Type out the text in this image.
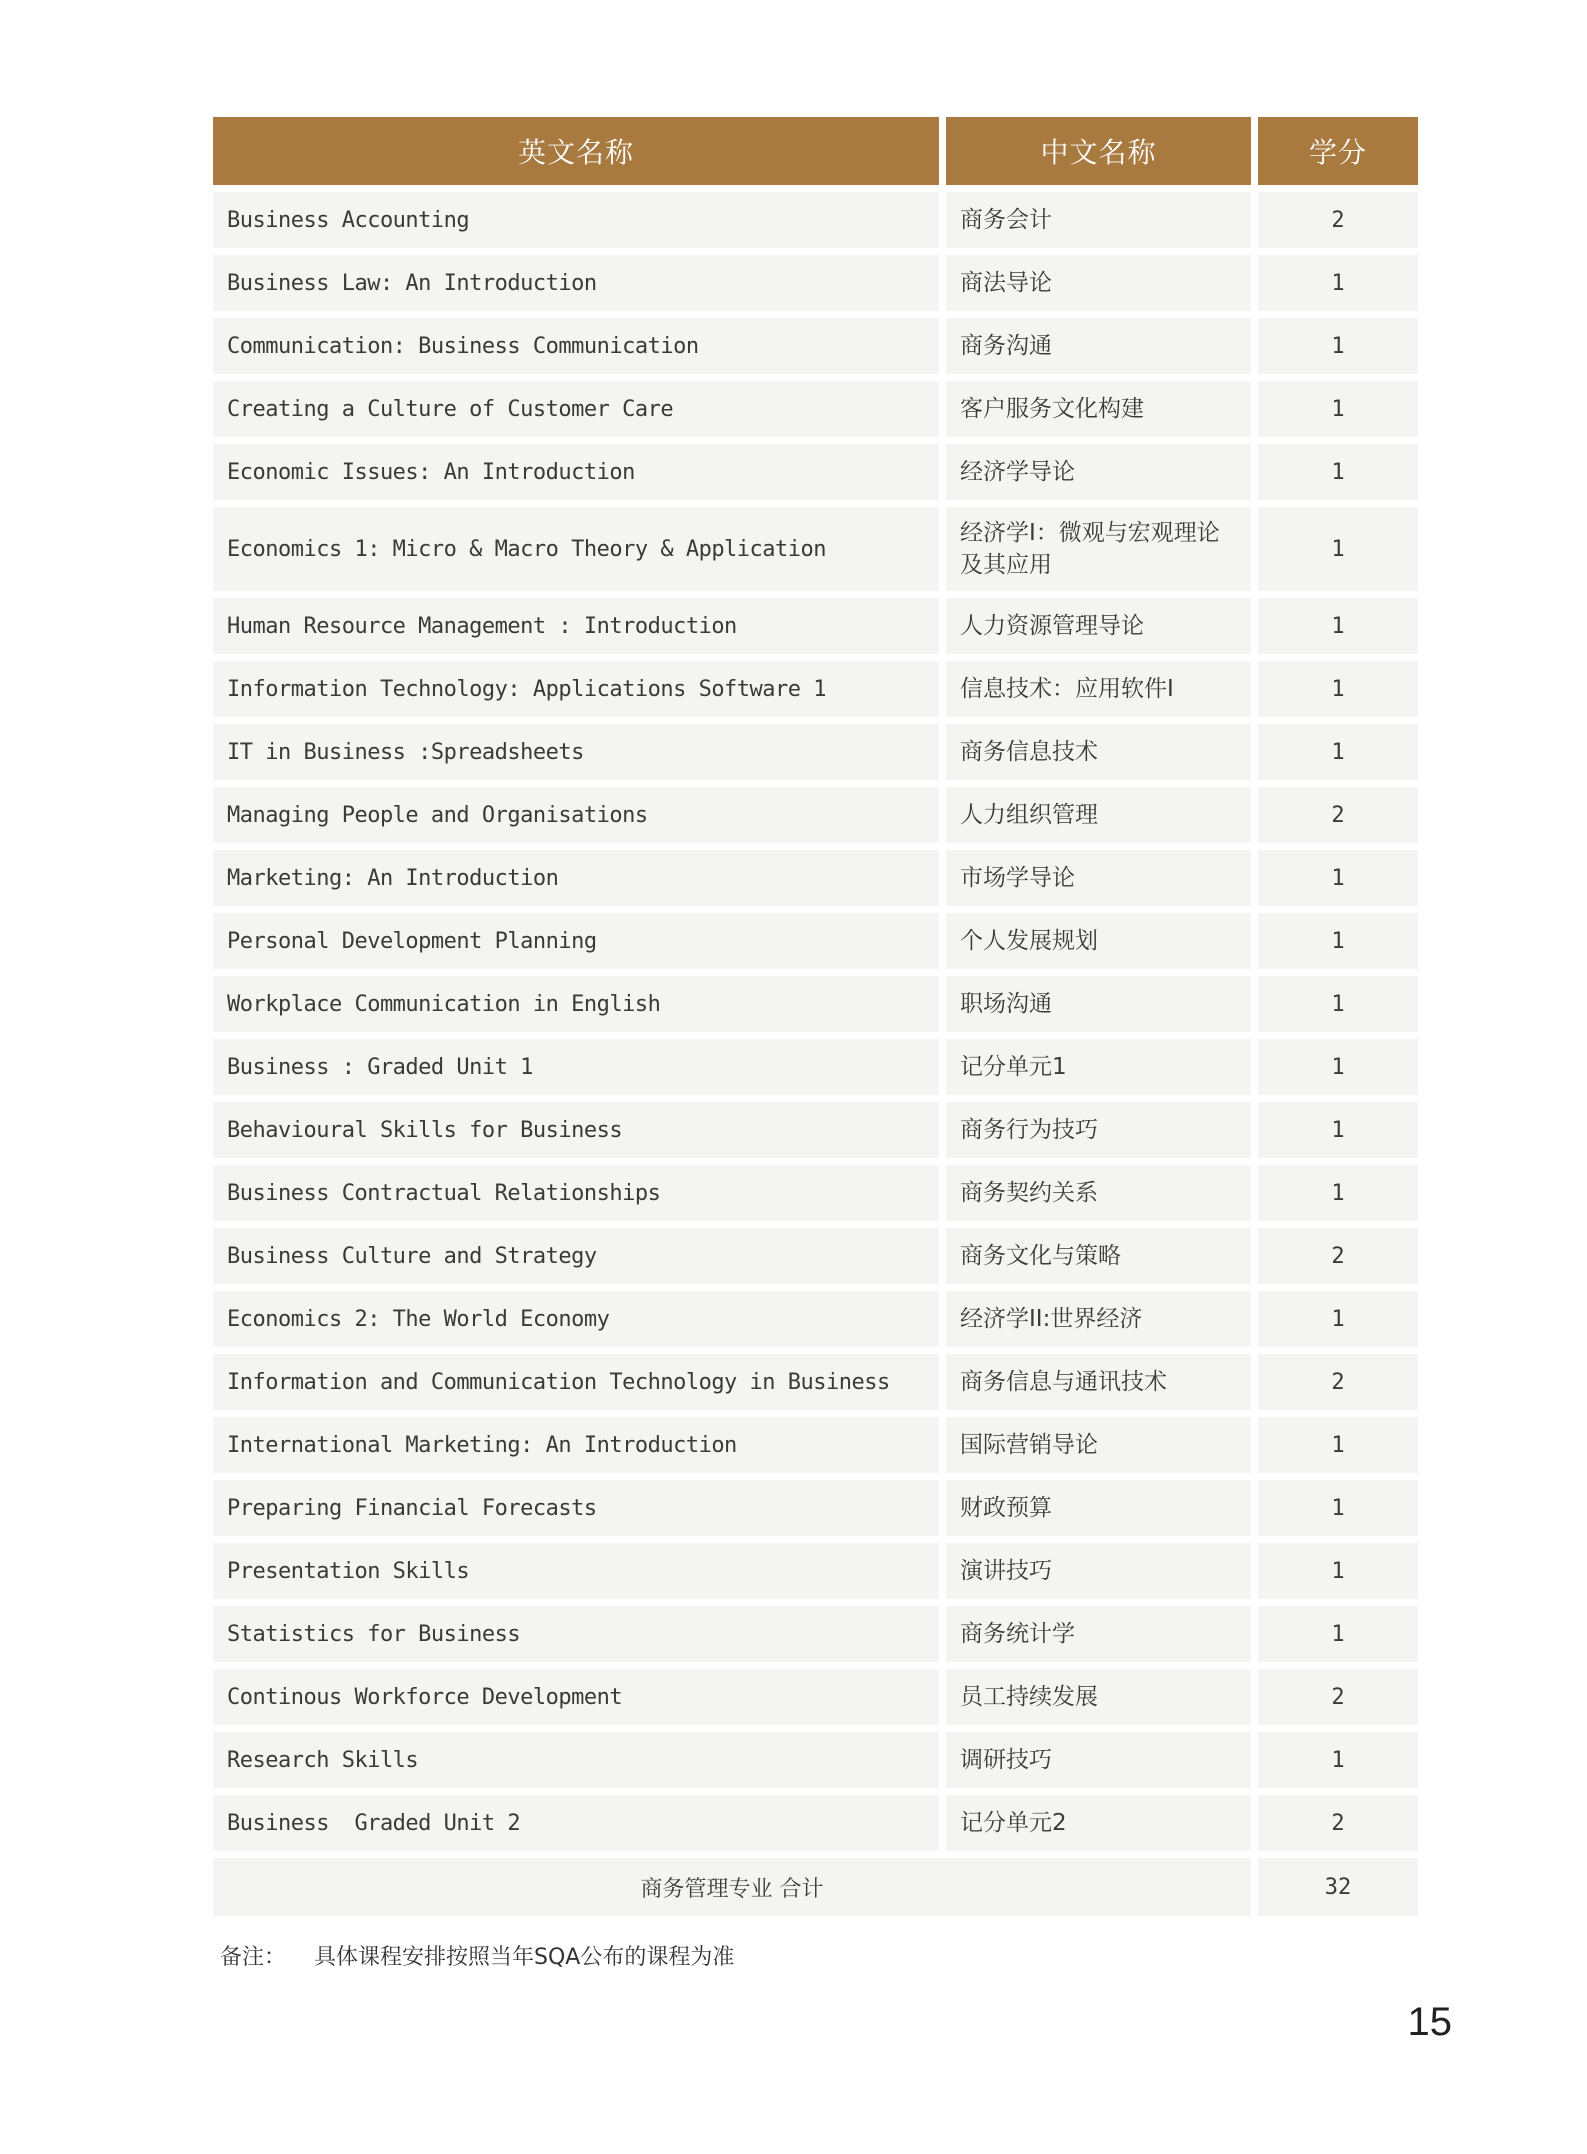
英文名称	中文名称	学分
Business Accounting	商务会计	2
Business Law: An Introduction	商法导论	1
Communication: Business Communication	商务沟通	1
Creating a Culture of Customer Care	客户服务文化构建	1
Economic Issues: An Introduction	经济学导论	1
Economics 1: Micro & Macro Theory & Application	经济学I：微观与宏观理论及其应用	1
Human Resource Management : Introduction	人力资源管理导论	1
Information Technology: Applications Software 1	信息技术：应用软件I	1
IT in Business :Spreadsheets	商务信息技术	1
Managing People and Organisations	人力组织管理	2
Marketing: An Introduction	市场学导论	1
Personal Development Planning	个人发展规划	1
Workplace Communication in English	职场沟通	1
Business : Graded Unit 1	记分单元1	1
Behavioural Skills for Business	商务行为技巧	1
Business Contractual Relationships	商务契约关系	1
Business Culture and Strategy	商务文化与策略	2
Economics 2: The World Economy	经济学II:世界经济	1
Information and Communication Technology in Business	商务信息与通讯技术	2
International Marketing: An Introduction	国际营销导论	1
Preparing Financial Forecasts	财政预算	1
Presentation Skills	演讲技巧	1
Statistics for Business	商务统计学	1
Continous Workforce Development	员工持续发展	2
Research Skills	调研技巧	1
Business  Graded Unit 2	记分单元2	2
商务管理专业 合计		32
备注： 具体课程安排按照当年SQA公布的课程为准
15
